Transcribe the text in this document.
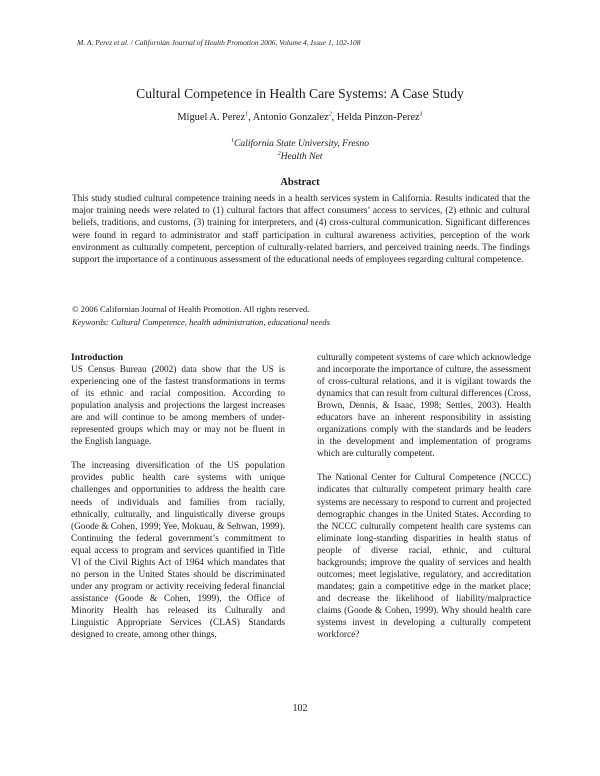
M. A. Perez et al. / Californian Journal of Health Promotion 2006, Volume 4, Issue 1, 102-108
Cultural Competence in Health Care Systems: A Case Study
Miguel A. Perez$^1$, Antonio Gonzalez$^2$, Helda Pinzon-Perez$^1$
$^1$California State University, Fresno
$^2$Health Net
Abstract

This study studied cultural competence training needs in a health services system in California. Results indicated that the major training needs were related to (1) cultural factors that affect consumers’ access to services, (2) ethnic and cultural beliefs, traditions, and customs, (3) training for interpreters, and (4) cross-cultural communication. Significant differences were found in regard to administrator and staff participation in cultural awareness activities, perception of the work environment as culturally competent, perception of culturally-related barriers, and perceived training needs. The findings support the importance of a continuous assessment of the educational needs of employees regarding cultural competence.

© 2006 Californian Journal of Health Promotion. All rights reserved.
Keywords: Cultural Competence, health administration, educational needs
Introduction

US Census Bureau (2002) data show that the US is experiencing one of the fastest transformations in terms of its ethnic and racial composition. According to population analysis and projections the largest increases are and will continue to be among members of under-represented groups which may or may not be fluent in the English language.

The increasing diversification of the US population provides public health care systems with unique challenges and opportunities to address the health care needs of individuals and families from racially, ethnically, culturally, and linguistically diverse groups (Goode & Cohen, 1999; Yee, Mokuau, & Sehwan, 1999). Continuing the federal government’s commitment to equal access to program and services quantified in Title VI of the Civil Rights Act of 1964 which mandates that no person in the United States should be discriminated under any program or activity receiving federal financial assistance (Goode & Cohen, 1999), the Office of Minority Health has released its Culturally and Linguistic Appropriate Services (CLAS) Standards designed to create, among other things,

culturally competent systems of care which acknowledge and incorporate the importance of culture, the assessment of cross-cultural relations, and it is vigilant towards the dynamics that can result from cultural differences (Cross, Brown, Dennis, & Isaac, 1998; Settles, 2003). Health educators have an inherent responsibility in assisting organizations comply with the standards and be leaders in the development and implementation of programs which are culturally competent.

The National Center for Cultural Competence (NCCC) indicates that culturally competent primary health care systems are necessary to respond to current and projected demographic changes in the United States. According to the NCCC culturally competent health care systems can eliminate long-standing disparities in health status of people of diverse racial, ethnic, and cultural backgrounds; improve the quality of services and health outcomes; meet legislative, regulatory, and accreditation mandates; gain a competitive edge in the market place; and decrease the likelihood of liability/malpractice claims (Goode & Cohen, 1999). Why should health care systems invest in developing a culturally competent workforce?

102
